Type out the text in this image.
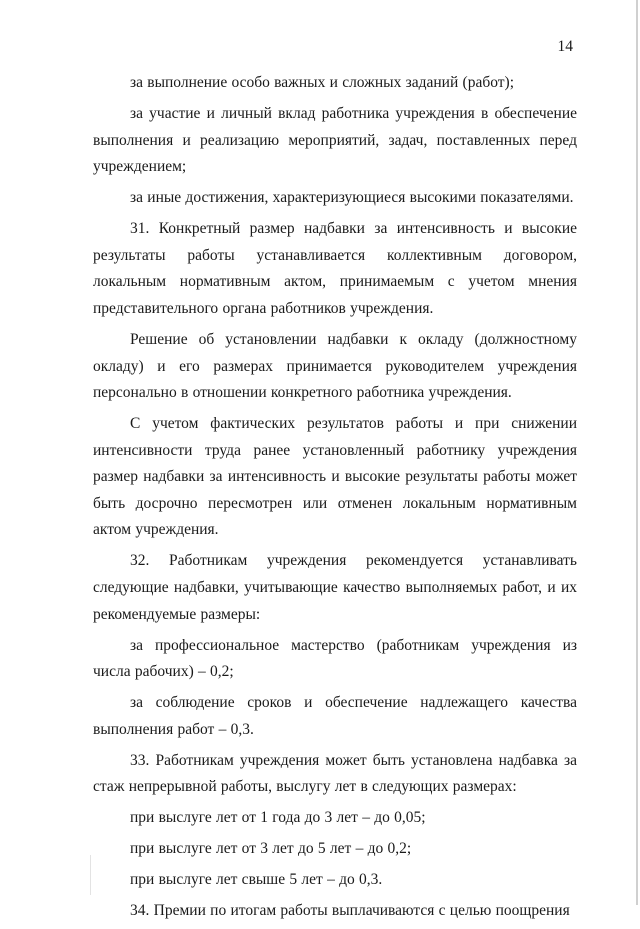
14

за выполнение особо важных и сложных заданий (работ);

за участие и личный вклад работника учреждения в обеспечение выполнения и реализацию мероприятий, задач, поставленных перед учреждением;

за иные достижения, характеризующиеся высокими показателями.

31. Конкретный размер надбавки за интенсивность и высокие результаты работы устанавливается коллективным договором, локальным нормативным актом, принимаемым с учетом мнения представительного органа работников учреждения.

Решение об установлении надбавки к окладу (должностному окладу) и его размерах принимается руководителем учреждения персонально в отношении конкретного работника учреждения.

С учетом фактических результатов работы и при снижении интенсивности труда ранее установленный работнику учреждения размер надбавки за интенсивность и высокие результаты работы может быть досрочно пересмотрен или отменен локальным нормативным актом учреждения.

32. Работникам учреждения рекомендуется устанавливать следующие надбавки, учитывающие качество выполняемых работ, и их рекомендуемые размеры:

за профессиональное мастерство (работникам учреждения из числа рабочих) – 0,2;

за соблюдение сроков и обеспечение надлежащего качества выполнения работ – 0,3.

33. Работникам учреждения может быть установлена надбавка за стаж непрерывной работы, выслугу лет в следующих размерах:

при выслуге лет от 1 года до 3 лет – до 0,05;

при выслуге лет от 3 лет до 5 лет – до 0,2;

при выслуге лет свыше 5 лет – до 0,3.

34. Премии по итогам работы выплачиваются с целью поощрения
